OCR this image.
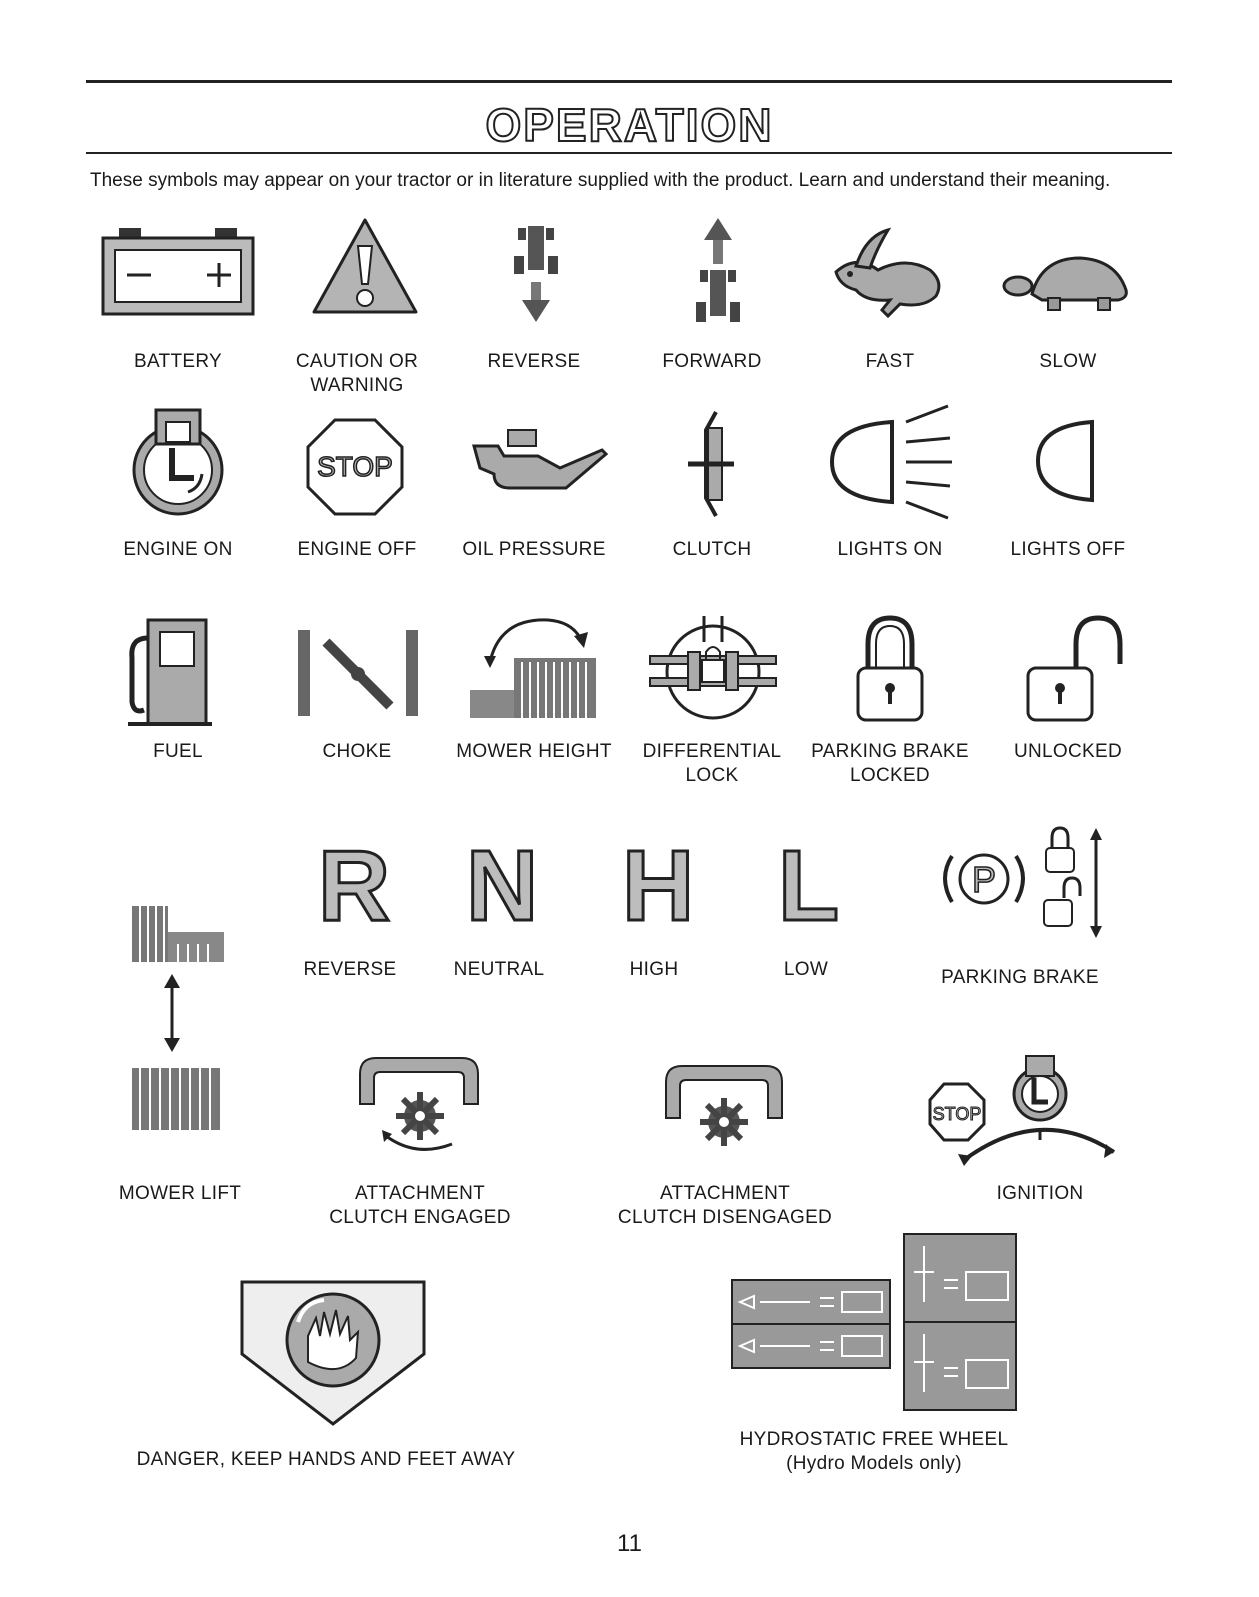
OPERATION
These symbols may appear on your tractor or in literature supplied with the product. Learn and understand their meaning.
BATTERY	CAUTION OR
WARNING
REVERSE	FORWARD	FAST	SLOW
STOP
ENGINE ON	ENGINE OFF OIL PRESSURE	CLUTCH	LIGHTS ON	LIGHTS OFF
FUEL	CHOKE	MOWER HEIGHT DIFFERENTIAL
LOCK
PARKING BRAKE
LOCKED
UNLOCKED
R N H L	P
REVERSE	NEUTRAL	HIGH	LOW	PARKING BRAKE
STOP
MOWER LIFT	ATTACHMENT
CLUTCH ENGAGED
ATTACHMENT
CLUTCH DISENGAGED
IGNITION
DANGER, KEEP HANDS AND FEET AWAY
HYDROSTATIC FREE WHEEL
(Hydro Models only)
11
